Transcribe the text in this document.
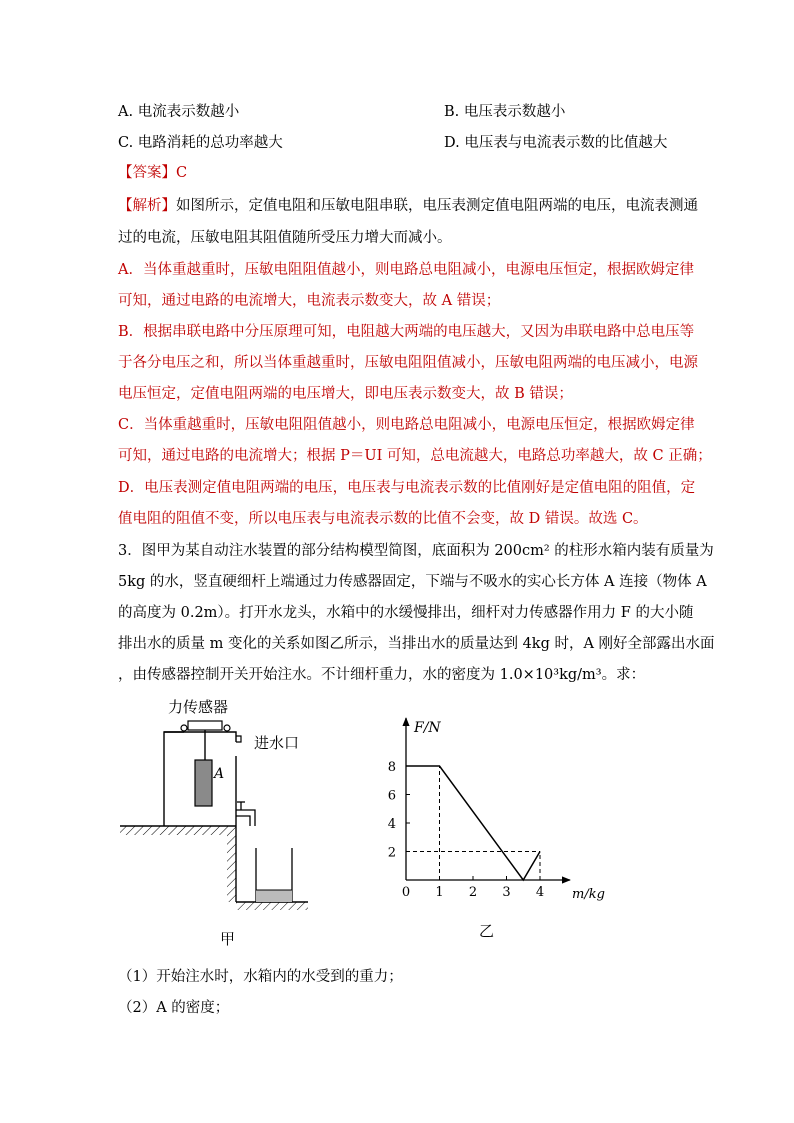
A. 电流表示数越小	B. 电压表示数越小
C. 电路消耗的总功率越大	D. 电压表与电流表示数的比值越大
【答案】C
【解析】如图所示，定值电阻和压敏电阻串联，电压表测定值电阻两端的电压，电流表测通
过的电流，压敏电阻其阻值随所受压力增大而减小。
A．当体重越重时，压敏电阻阻值越小，则电路总电阻减小，电源电压恒定，根据欧姆定律
可知，通过电路的电流增大，电流表示数变大，故 A 错误；
B．根据串联电路中分压原理可知，电阻越大两端的电压越大，又因为串联电路中总电压等
于各分电压之和，所以当体重越重时，压敏电阻阻值减小，压敏电阻两端的电压减小，电源
电压恒定，定值电阻两端的电压增大，即电压表示数变大，故 B 错误；
C．当体重越重时，压敏电阻阻值越小，则电路总电阻减小，电源电压恒定，根据欧姆定律
可知，通过电路的电流增大；根据 P＝UI 可知，总电流越大，电路总功率越大，故 C 正确；
D．电压表测定值电阻两端的电压，电压表与电流表示数的比值刚好是定值电阻的阻值，定
值电阻的阻值不变，所以电压表与电流表示数的比值不会变，故 D 错误。故选 C。
3．图甲为某自动注水装置的部分结构模型简图，底面积为 200cm² 的柱形水箱内装有质量为
5kg 的水，竖直硬细杆上端通过力传感器固定，下端与不吸水的实心长方体 A 连接（物体 A
的高度为 0.2m）。打开水龙头，水箱中的水缓慢排出，细杆对力传感器作用力 F 的大小随
排出水的质量 m 变化的关系如图乙所示，当排出水的质量达到 4kg 时，A 刚好全部露出水面
，由传感器控制开关开始注水。不计细杆重力，水的密度为 1.0×10³kg/m³。求：
力传感器
进水口
A
甲
0 1 2 3 4
2
4
6
8
F/N
m/kg
乙
（1）开始注水时，水箱内的水受到的重力；
（2）A 的密度；
